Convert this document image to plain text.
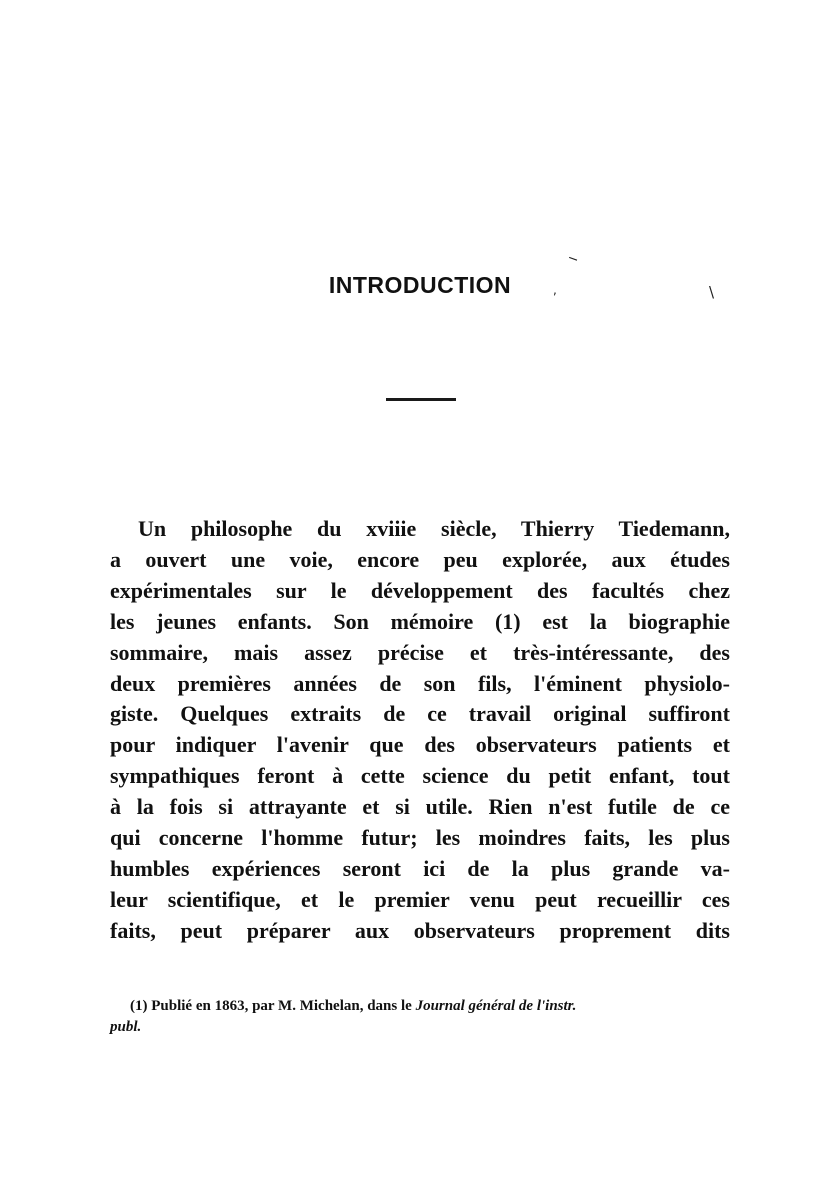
INTRODUCTION
‾
,	\

Un philosophe du xviiie siècle, Thierry Tiedemann,
a ouvert une voie, encore peu explorée, aux études
expérimentales sur le développement des facultés chez
les jeunes enfants. Son mémoire (1) est la biographie
sommaire, mais assez précise et très-intéressante, des
deux premières années de son fils, l'éminent physiolo-
giste. Quelques extraits de ce travail original suffiront
pour indiquer l'avenir que des observateurs patients et
sympathiques feront à cette science du petit enfant, tout
à la fois si attrayante et si utile. Rien n'est futile de ce
qui concerne l'homme futur; les moindres faits, les plus
humbles expériences seront ici de la plus grande va-
leur scientifique, et le premier venu peut recueillir ces
faits, peut préparer aux observateurs proprement dits

(1) Publié en 1863, par M. Michelan, dans le Journal général de l'instr.
publ.
